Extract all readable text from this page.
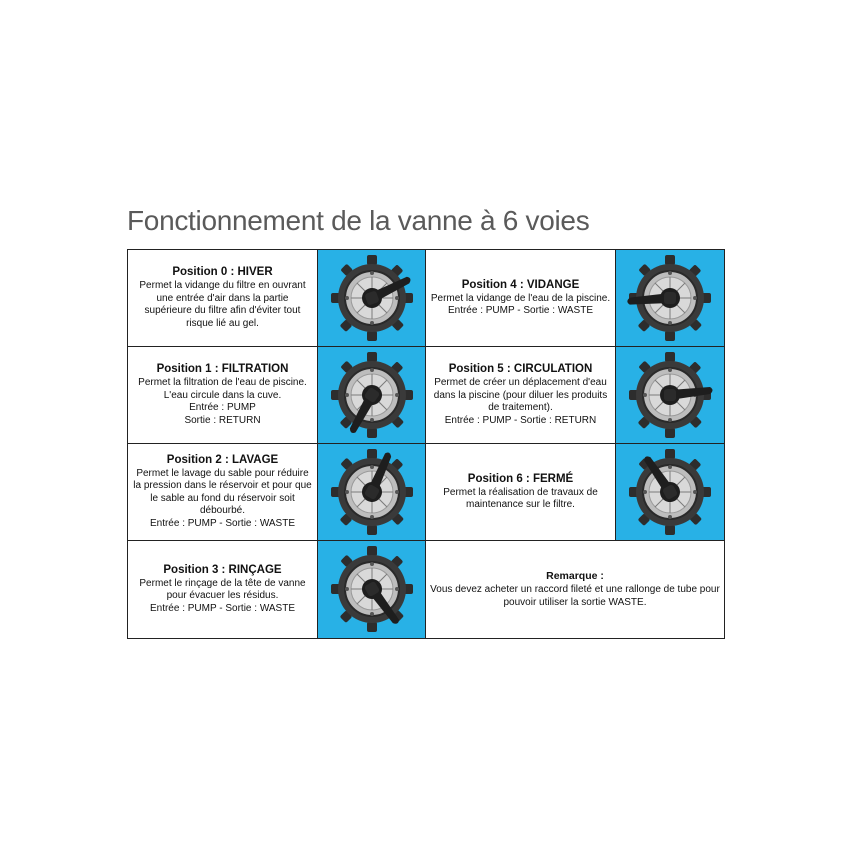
Fonctionnement de la vanne à 6 voies
Position 0 : HIVER
Permet la vidange du filtre en ouvrant une entrée d'air dans la partie supérieure du filtre afin d'éviter tout risque lié au gel.
Position 4 : VIDANGE
Permet la vidange de l'eau de la piscine.
Entrée : PUMP - Sortie : WASTE
Position 1 : FILTRATION
Permet la filtration de l'eau de piscine. L'eau circule dans la cuve.
Entrée : PUMP
Sortie : RETURN
Position 5 : CIRCULATION
Permet de créer un déplacement d'eau dans la piscine (pour diluer les produits de traitement).
Entrée : PUMP - Sortie : RETURN
Position 2 : LAVAGE
Permet le lavage du sable pour réduire la pression dans le réservoir et pour que le sable au fond du réservoir soit débourbé.
Entrée : PUMP - Sortie : WASTE
Position 6 : FERMÉ
Permet la réalisation de travaux de maintenance sur le filtre.
Position 3 : RINÇAGE
Permet le rinçage de la tête de vanne pour évacuer les résidus.
Entrée : PUMP - Sortie : WASTE
Remarque :
Vous devez acheter un raccord fileté et une rallonge de tube pour pouvoir utiliser la sortie WASTE.
